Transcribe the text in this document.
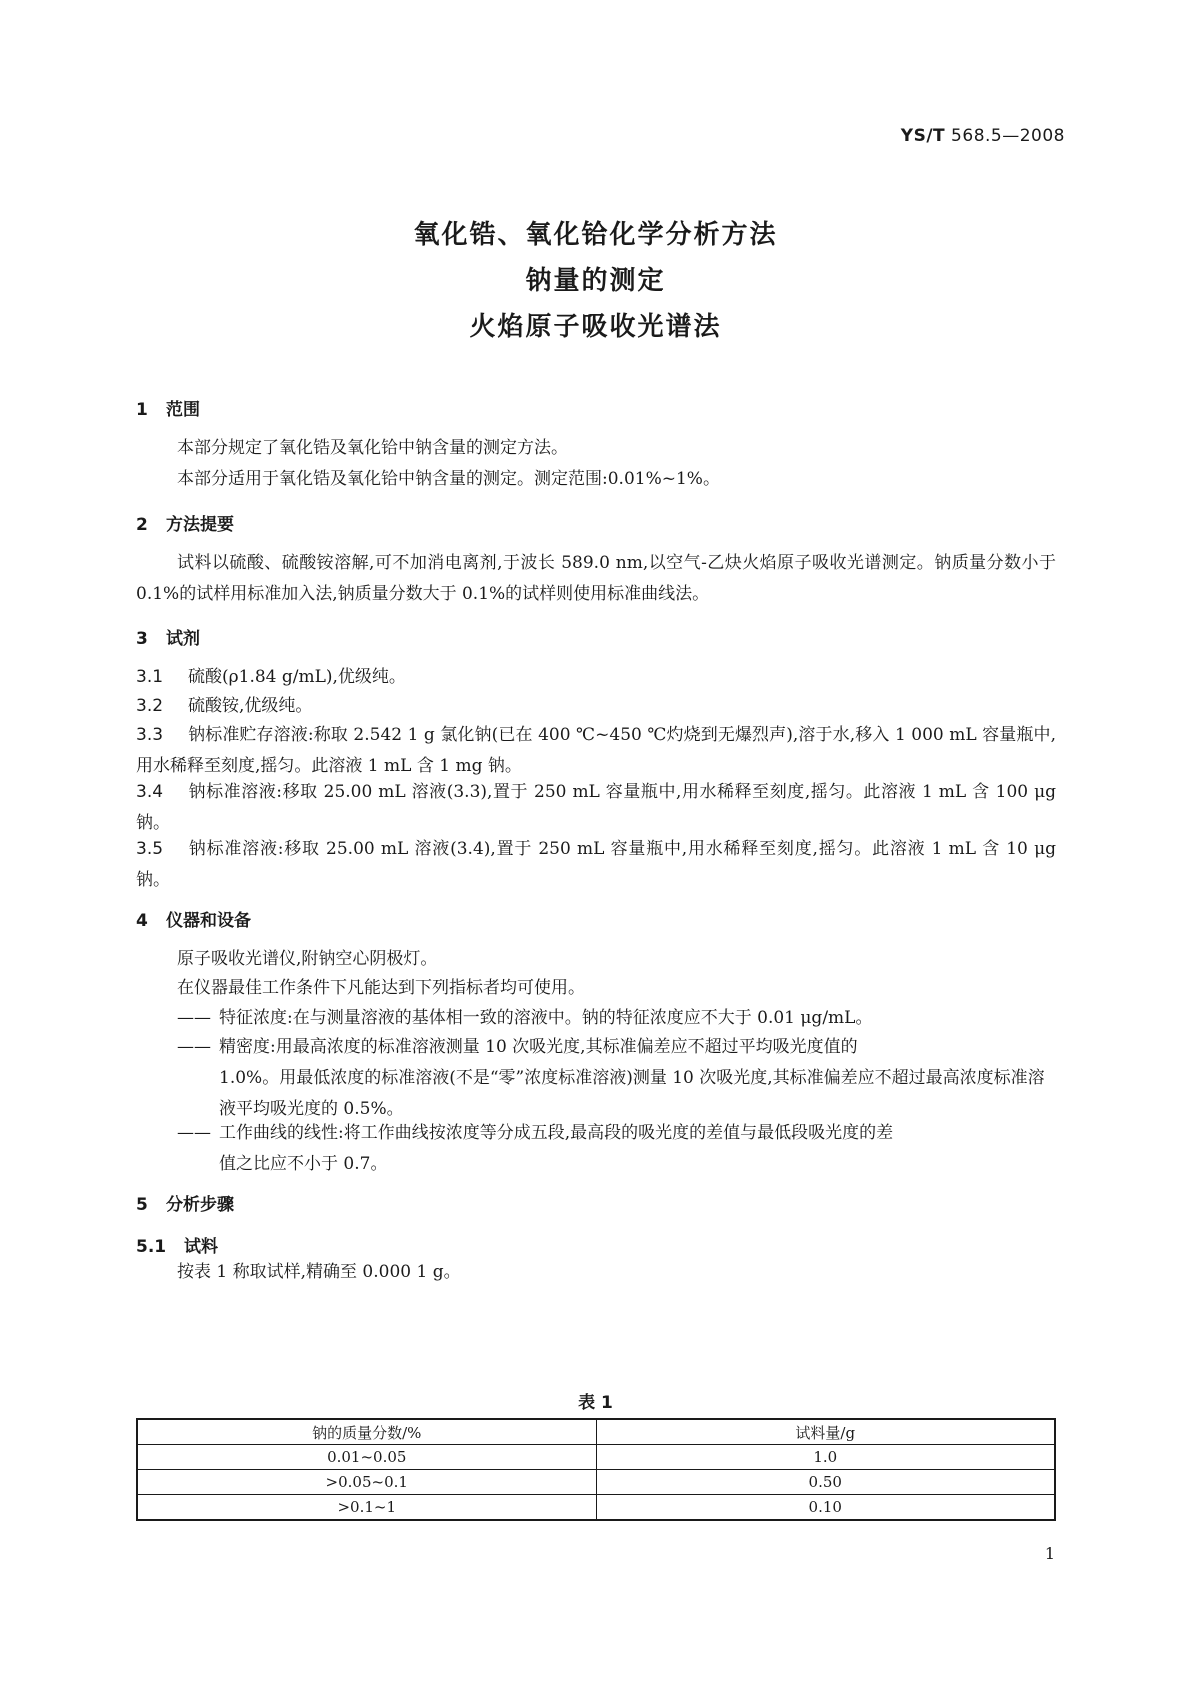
YS/T 568.5—2008
氧化锆、氧化铪化学分析方法
钠量的测定
火焰原子吸收光谱法
1 范围
本部分规定了氧化锆及氧化铪中钠含量的测定方法。
本部分适用于氧化锆及氧化铪中钠含量的测定。测定范围:0.01%~1%。
2 方法提要
试料以硫酸、硫酸铵溶解,可不加消电离剂,于波长 589.0 nm,以空气-乙炔火焰原子吸收光谱测定。钠质量分数小于 0.1%的试样用标准加入法,钠质量分数大于 0.1%的试样则使用标准曲线法。
3 试剂
3.1 硫酸(ρ1.84 g/mL),优级纯。
3.2 硫酸铵,优级纯。
3.3 钠标准贮存溶液:称取 2.542 1 g 氯化钠(已在 400 ℃~450 ℃灼烧到无爆烈声),溶于水,移入 1 000 mL 容量瓶中,用水稀释至刻度,摇匀。此溶液 1 mL 含 1 mg 钠。
3.4 钠标准溶液:移取 25.00 mL 溶液(3.3),置于 250 mL 容量瓶中,用水稀释至刻度,摇匀。此溶液 1 mL 含 100 μg 钠。
3.5 钠标准溶液:移取 25.00 mL 溶液(3.4),置于 250 mL 容量瓶中,用水稀释至刻度,摇匀。此溶液 1 mL 含 10 μg 钠。
4 仪器和设备
原子吸收光谱仪,附钠空心阴极灯。
在仪器最佳工作条件下凡能达到下列指标者均可使用。
—— 特征浓度:在与测量溶液的基体相一致的溶液中。钠的特征浓度应不大于 0.01 μg/mL。
—— 精密度:用最高浓度的标准溶液测量 10 次吸光度,其标准偏差应不超过平均吸光度值的
1.0%。用最低浓度的标准溶液(不是“零”浓度标准溶液)测量 10 次吸光度,其标准偏差应不超过最高浓度标准溶液平均吸光度的 0.5%。
—— 工作曲线的线性:将工作曲线按浓度等分成五段,最高段的吸光度的差值与最低段吸光度的差
值之比应不小于 0.7。
5 分析步骤
5.1 试料
按表 1 称取试样,精确至 0.000 1 g。
表 1
钠的质量分数/%	试料量/g
0.01~0.05	1.0
>0.05~0.1	0.50
>0.1~1	0.10
1
